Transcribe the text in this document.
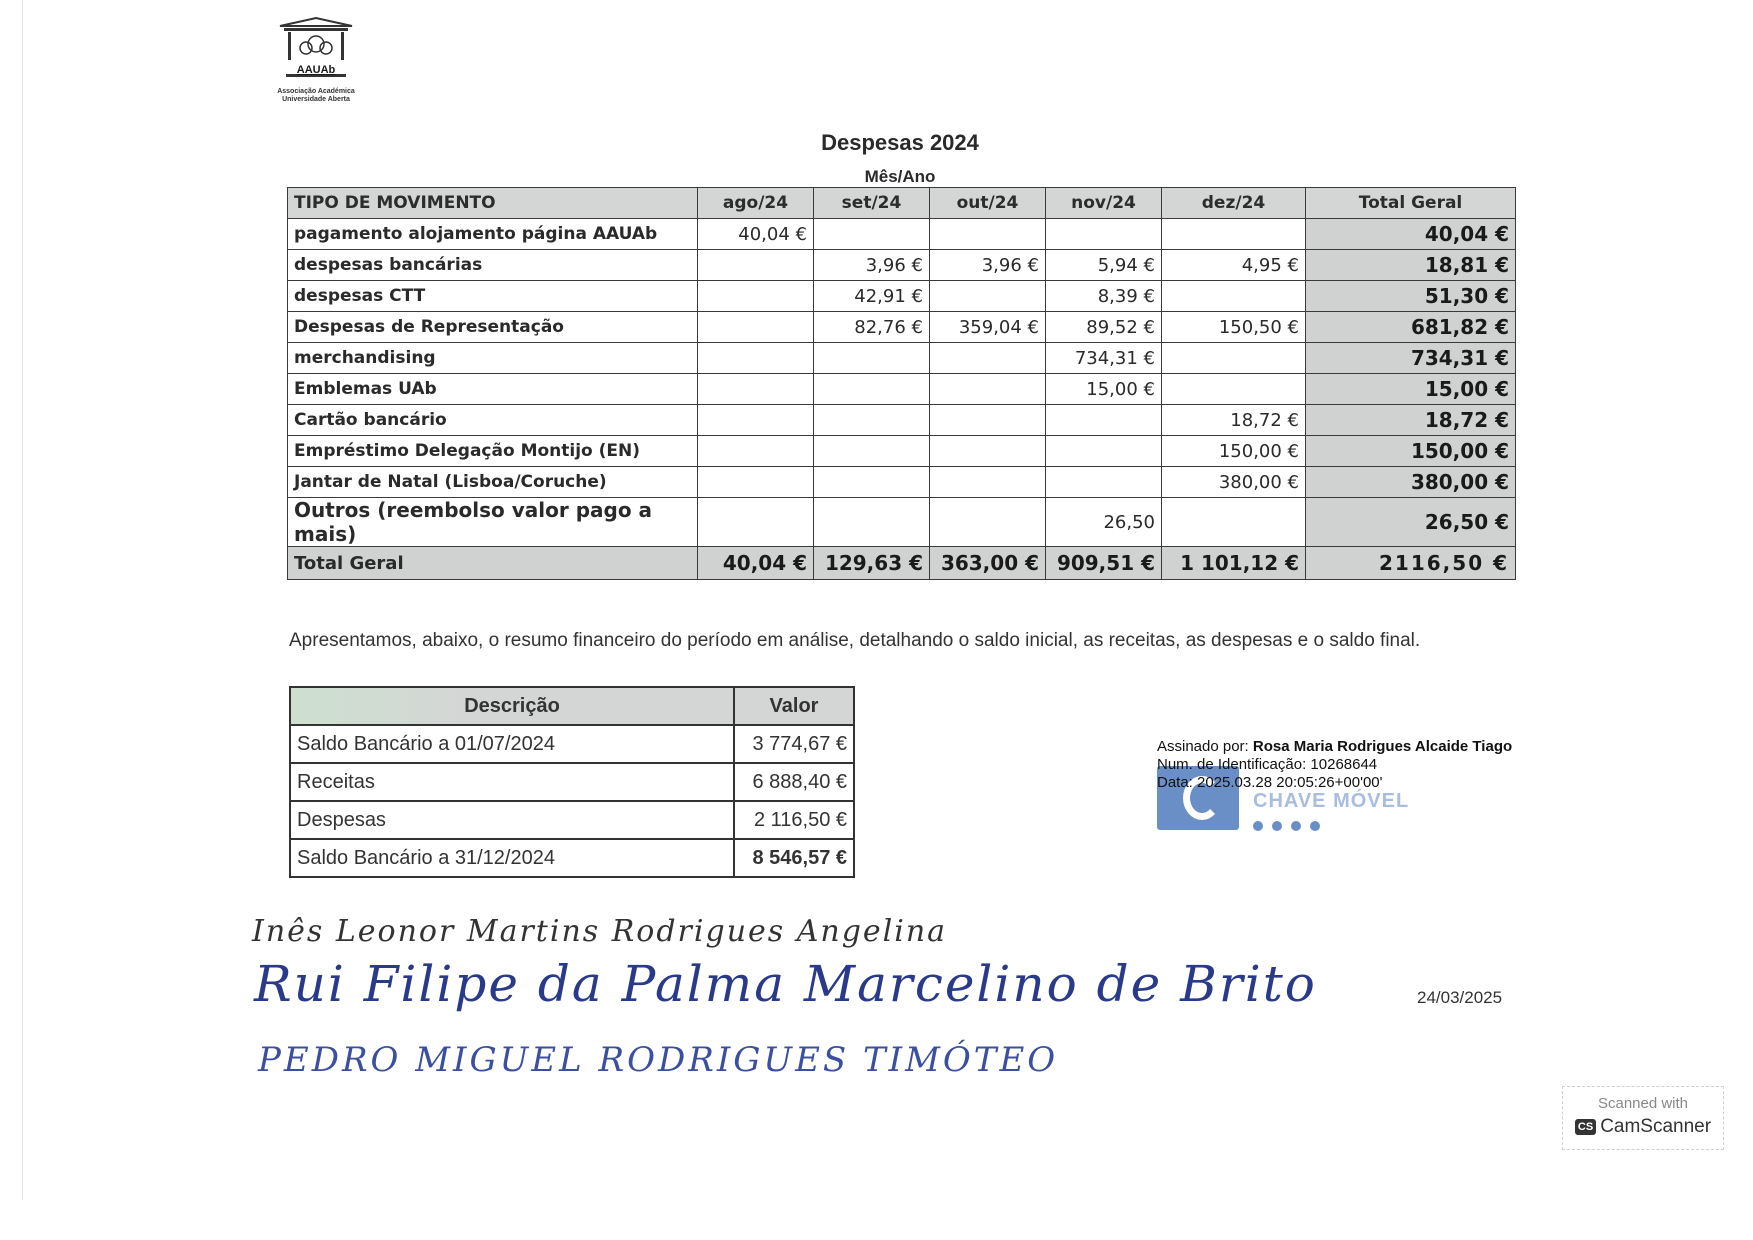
AAUAb
Associação Académica
Universidade Aberta
Despesas 2024
Mês/Ano
TIPO DE MOVIMENTO	ago/24	set/24	out/24	nov/24	dez/24	Total Geral
pagamento alojamento página AAUAb	40,04 €					40,04 €
despesas bancárias		3,96 €	3,96 €	5,94 €	4,95 €	18,81 €
despesas CTT		42,91 €		8,39 €		51,30 €
Despesas de Representação		82,76 €	359,04 €	89,52 €	150,50 €	681,82 €
merchandising				734,31 €		734,31 €
Emblemas UAb				15,00 €		15,00 €
Cartão bancário					18,72 €	18,72 €
Empréstimo Delegação Montijo (EN)					150,00 €	150,00 €
Jantar de Natal (Lisboa/Coruche)					380,00 €	380,00 €
Outros (reembolso valor pago a mais)				26,50		26,50 €
Total Geral	40,04 €	129,63 €	363,00 €	909,51 €	1 101,12 €	2116,50 €
Apresentamos, abaixo, o resumo financeiro do período em análise, detalhando o saldo inicial, as receitas, as despesas e o saldo final.
Descrição	Valor
Saldo Bancário a 01/07/2024	3 774,67 €
Receitas	6 888,40 €
Despesas	2 116,50 €
Saldo Bancário a 31/12/2024	8 546,57 €
CHAVE MÓVEL
Assinado por: Rosa Maria Rodrigues Alcaide Tiago
Num. de Identificação: 10268644
Data: 2025.03.28 20:05:26+00'00'
Inês Leonor Martins Rodrigues Angelina
Rui Filipe da Palma Marcelino de Brito
PEDRO MIGUEL RODRIGUES TIMÓTEO
24/03/2025
Scanned with
CS CamScanner
